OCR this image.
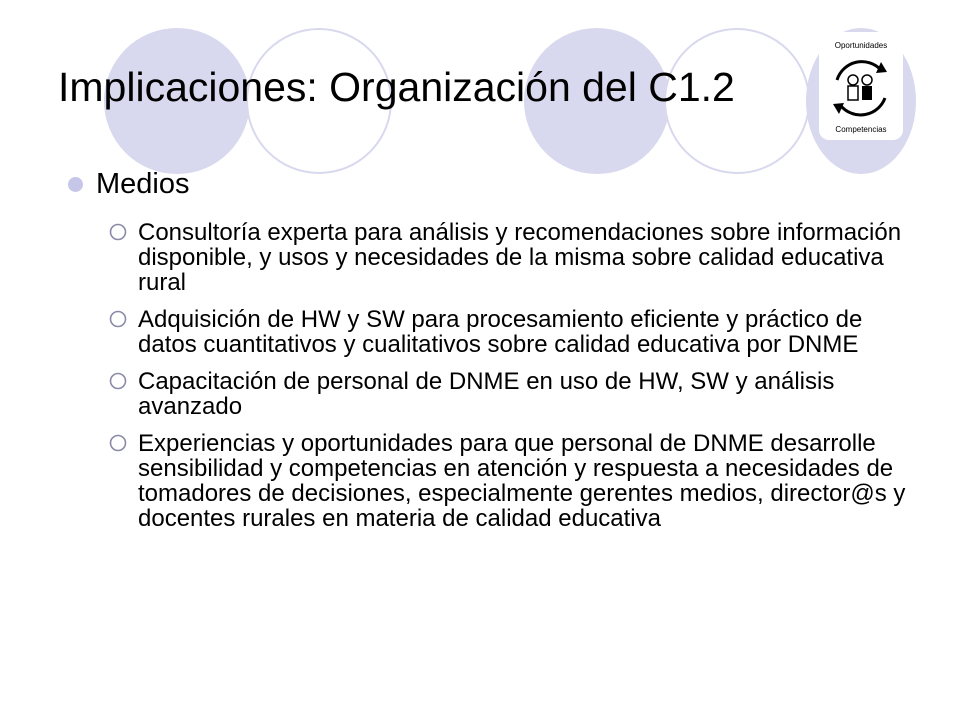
Oportunidades
Competencias
Implicaciones: Organización del C1.2
Medios
Consultoría experta para análisis y recomendaciones sobre información disponible, y usos y necesidades de la misma sobre calidad educativa rural
Adquisición de HW y SW para procesamiento eficiente y práctico de datos cuantitativos y cualitativos sobre calidad educativa por DNME
Capacitación de personal de DNME en uso de HW, SW y análisis avanzado
Experiencias y oportunidades para que personal de DNME desarrolle sensibilidad y competencias en atención y respuesta a necesidades de tomadores de decisiones, especialmente gerentes medios, director@s y docentes rurales en materia de calidad educativa
